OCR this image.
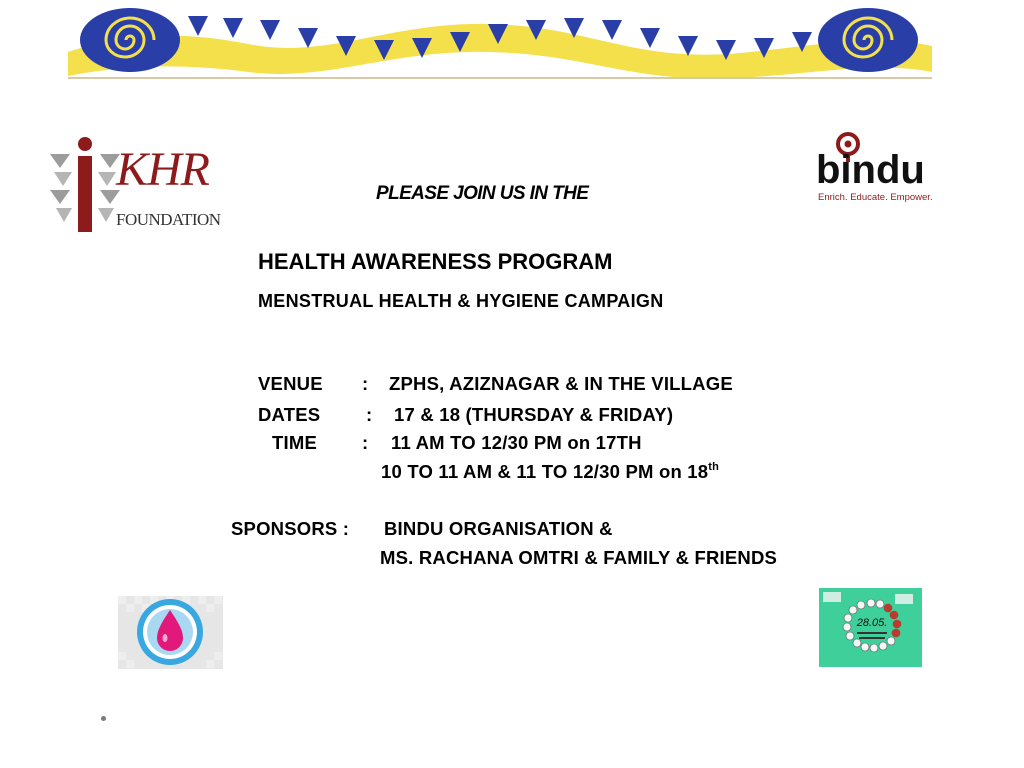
KHR
FOUNDATION
bindu
Enrich. Educate. Empower.
PLEASE JOIN US IN THE
HEALTH AWARENESS PROGRAM
MENSTRUAL HEALTH & HYGIENE CAMPAIGN
VENUE : ZPHS, AZIZNAGAR & IN THE VILLAGE
DATES : 17 & 18 (THURSDAY & FRIDAY)
TIME : 11 AM TO 12/30 PM on 17TH
10 TO 11 AM & 11 TO 12/30 PM on 18th
SPONSORS : BINDU ORGANISATION &
MS. RACHANA OMTRI & FAMILY & FRIENDS
28.05.
